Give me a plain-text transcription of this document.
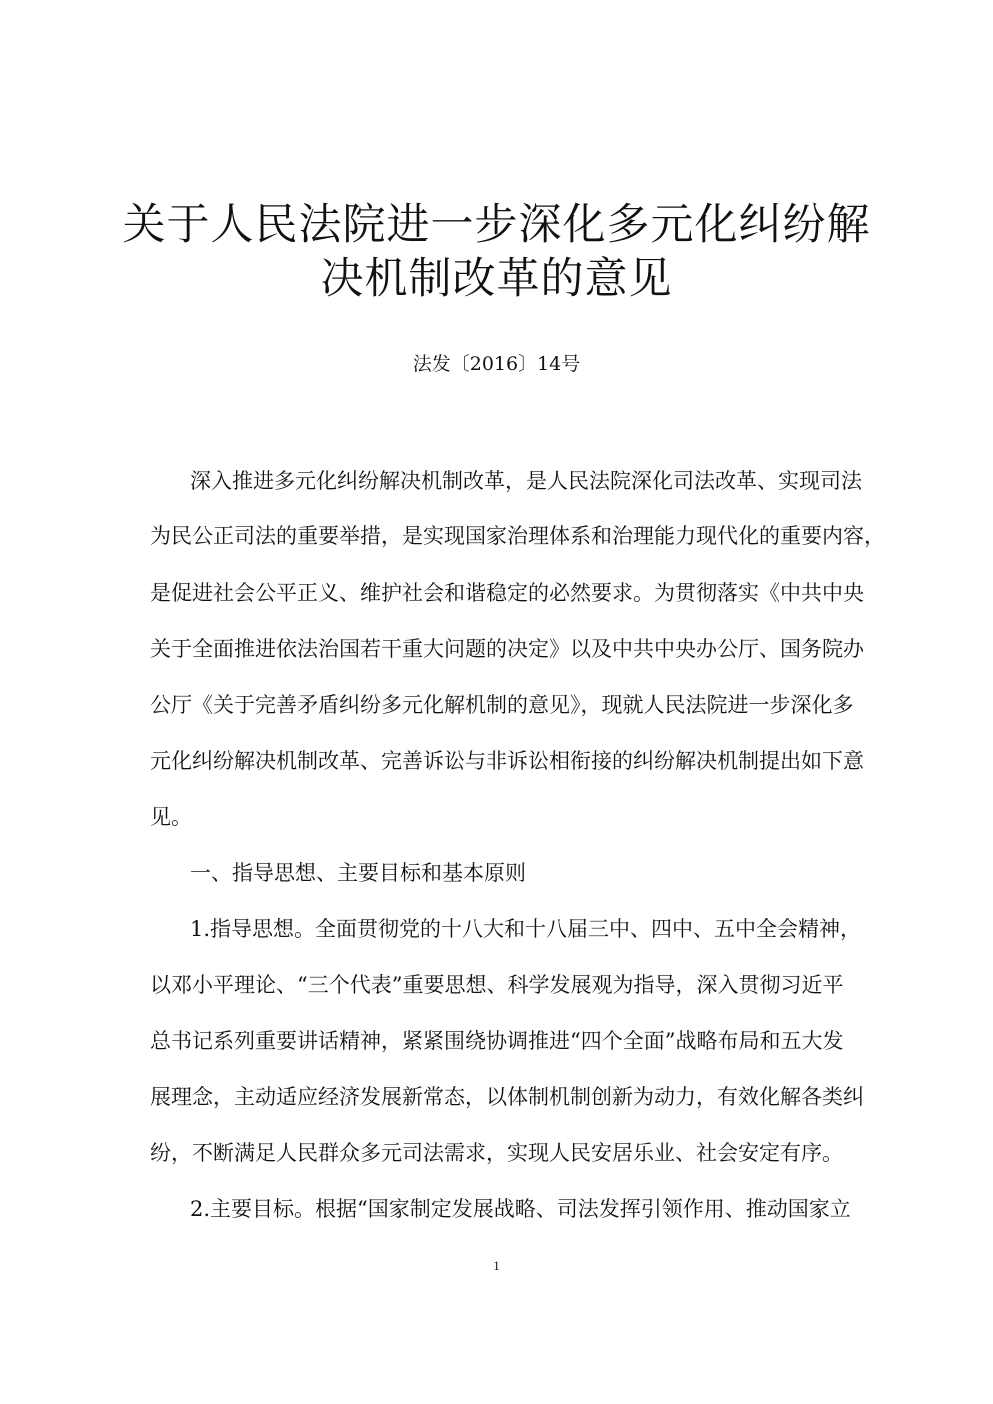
关于人民法院进一步深化多元化纠纷解
决机制改革的意见
法发〔2016〕14号

深入推进多元化纠纷解决机制改革，是人民法院深化司法改革、实现司法

为民公正司法的重要举措，是实现国家治理体系和治理能力现代化的重要内容，

是促进社会公平正义、维护社会和谐稳定的必然要求。为贯彻落实《中共中央

关于全面推进依法治国若干重大问题的决定》以及中共中央办公厅、国务院办

公厅《关于完善矛盾纠纷多元化解机制的意见》，现就人民法院进一步深化多

元化纠纷解决机制改革、完善诉讼与非诉讼相衔接的纠纷解决机制提出如下意

见。

一、指导思想、主要目标和基本原则

1.指导思想。全面贯彻党的十八大和十八届三中、四中、五中全会精神，

以邓小平理论、“三个代表”重要思想、科学发展观为指导，深入贯彻习近平

总书记系列重要讲话精神，紧紧围绕协调推进“四个全面”战略布局和五大发

展理念，主动适应经济发展新常态，以体制机制创新为动力，有效化解各类纠

纷，不断满足人民群众多元司法需求，实现人民安居乐业、社会安定有序。

2.主要目标。根据“国家制定发展战略、司法发挥引领作用、推动国家立

1
